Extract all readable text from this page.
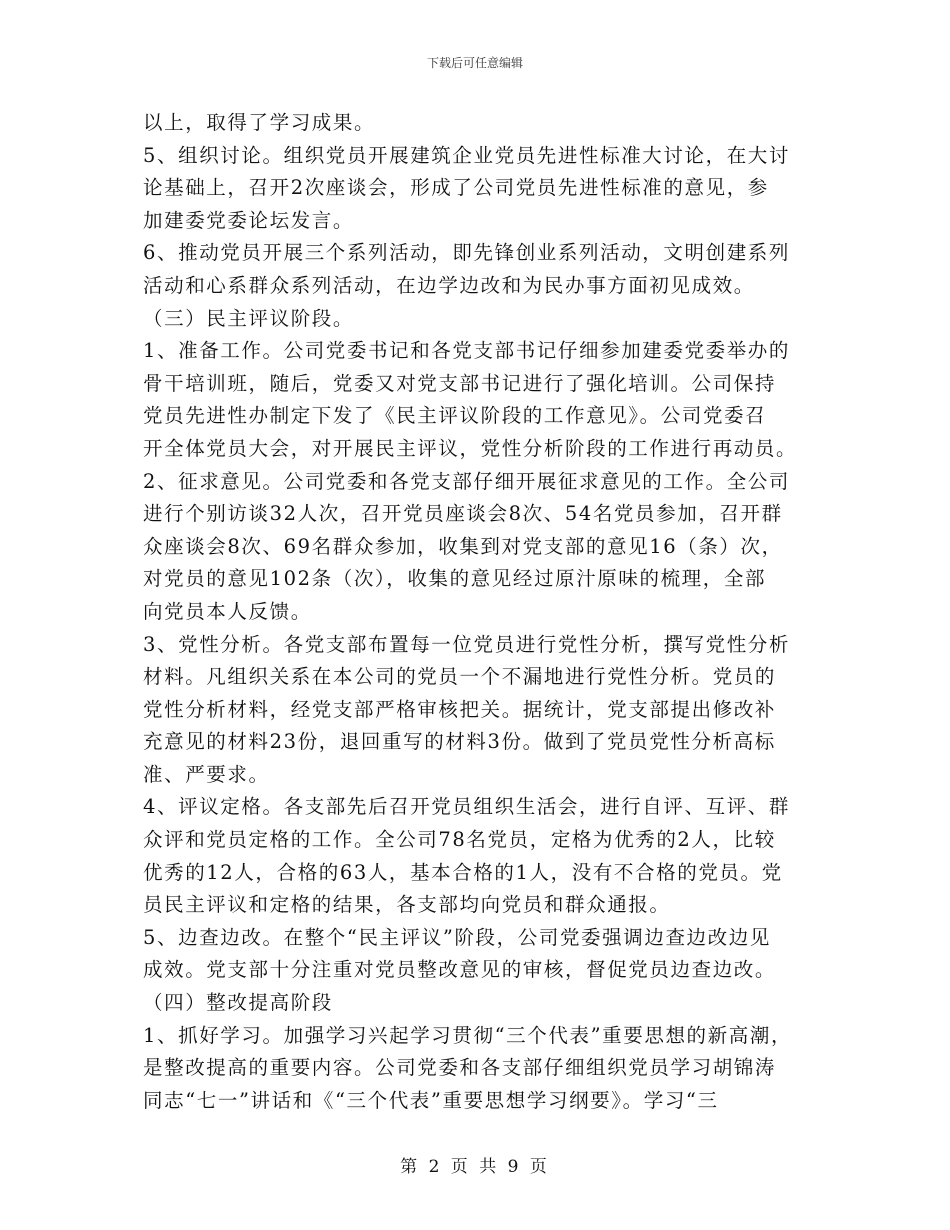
下载后可任意编辑
以上，取得了学习成果。
5、组织讨论。组织党员开展建筑企业党员先进性标准大讨论，在大讨
论基础上，召开2次座谈会，形成了公司党员先进性标准的意见，参
加建委党委论坛发言。
6、推动党员开展三个系列活动，即先锋创业系列活动，文明创建系列
活动和心系群众系列活动，在边学边改和为民办事方面初见成效。
（三）民主评议阶段。
1、准备工作。公司党委书记和各党支部书记仔细参加建委党委举办的
骨干培训班，随后，党委又对党支部书记进行了强化培训。公司保持
党员先进性办制定下发了《民主评议阶段的工作意见》。公司党委召
开全体党员大会，对开展民主评议，党性分析阶段的工作进行再动员。
2、征求意见。公司党委和各党支部仔细开展征求意见的工作。全公司
进行个别访谈32人次，召开党员座谈会8次、54名党员参加，召开群
众座谈会8次、69名群众参加，收集到对党支部的意见16（条）次，
对党员的意见102条（次），收集的意见经过原汁原味的梳理，全部
向党员本人反馈。
3、党性分析。各党支部布置每一位党员进行党性分析，撰写党性分析
材料。凡组织关系在本公司的党员一个不漏地进行党性分析。党员的
党性分析材料，经党支部严格审核把关。据统计，党支部提出修改补
充意见的材料23份，退回重写的材料3份。做到了党员党性分析高标
准、严要求。
4、评议定格。各支部先后召开党员组织生活会，进行自评、互评、群
众评和党员定格的工作。全公司78名党员，定格为优秀的2人，比较
优秀的12人，合格的63人，基本合格的1人，没有不合格的党员。党
员民主评议和定格的结果，各支部均向党员和群众通报。
5、边查边改。在整个“民主评议”阶段，公司党委强调边查边改边见
成效。党支部十分注重对党员整改意见的审核，督促党员边查边改。
（四）整改提高阶段
1、抓好学习。加强学习兴起学习贯彻“三个代表”重要思想的新高潮，
是整改提高的重要内容。公司党委和各支部仔细组织党员学习胡锦涛
同志“七一”讲话和《“三个代表”重要思想学习纲要》。学习“三
第 2 页 共 9 页
